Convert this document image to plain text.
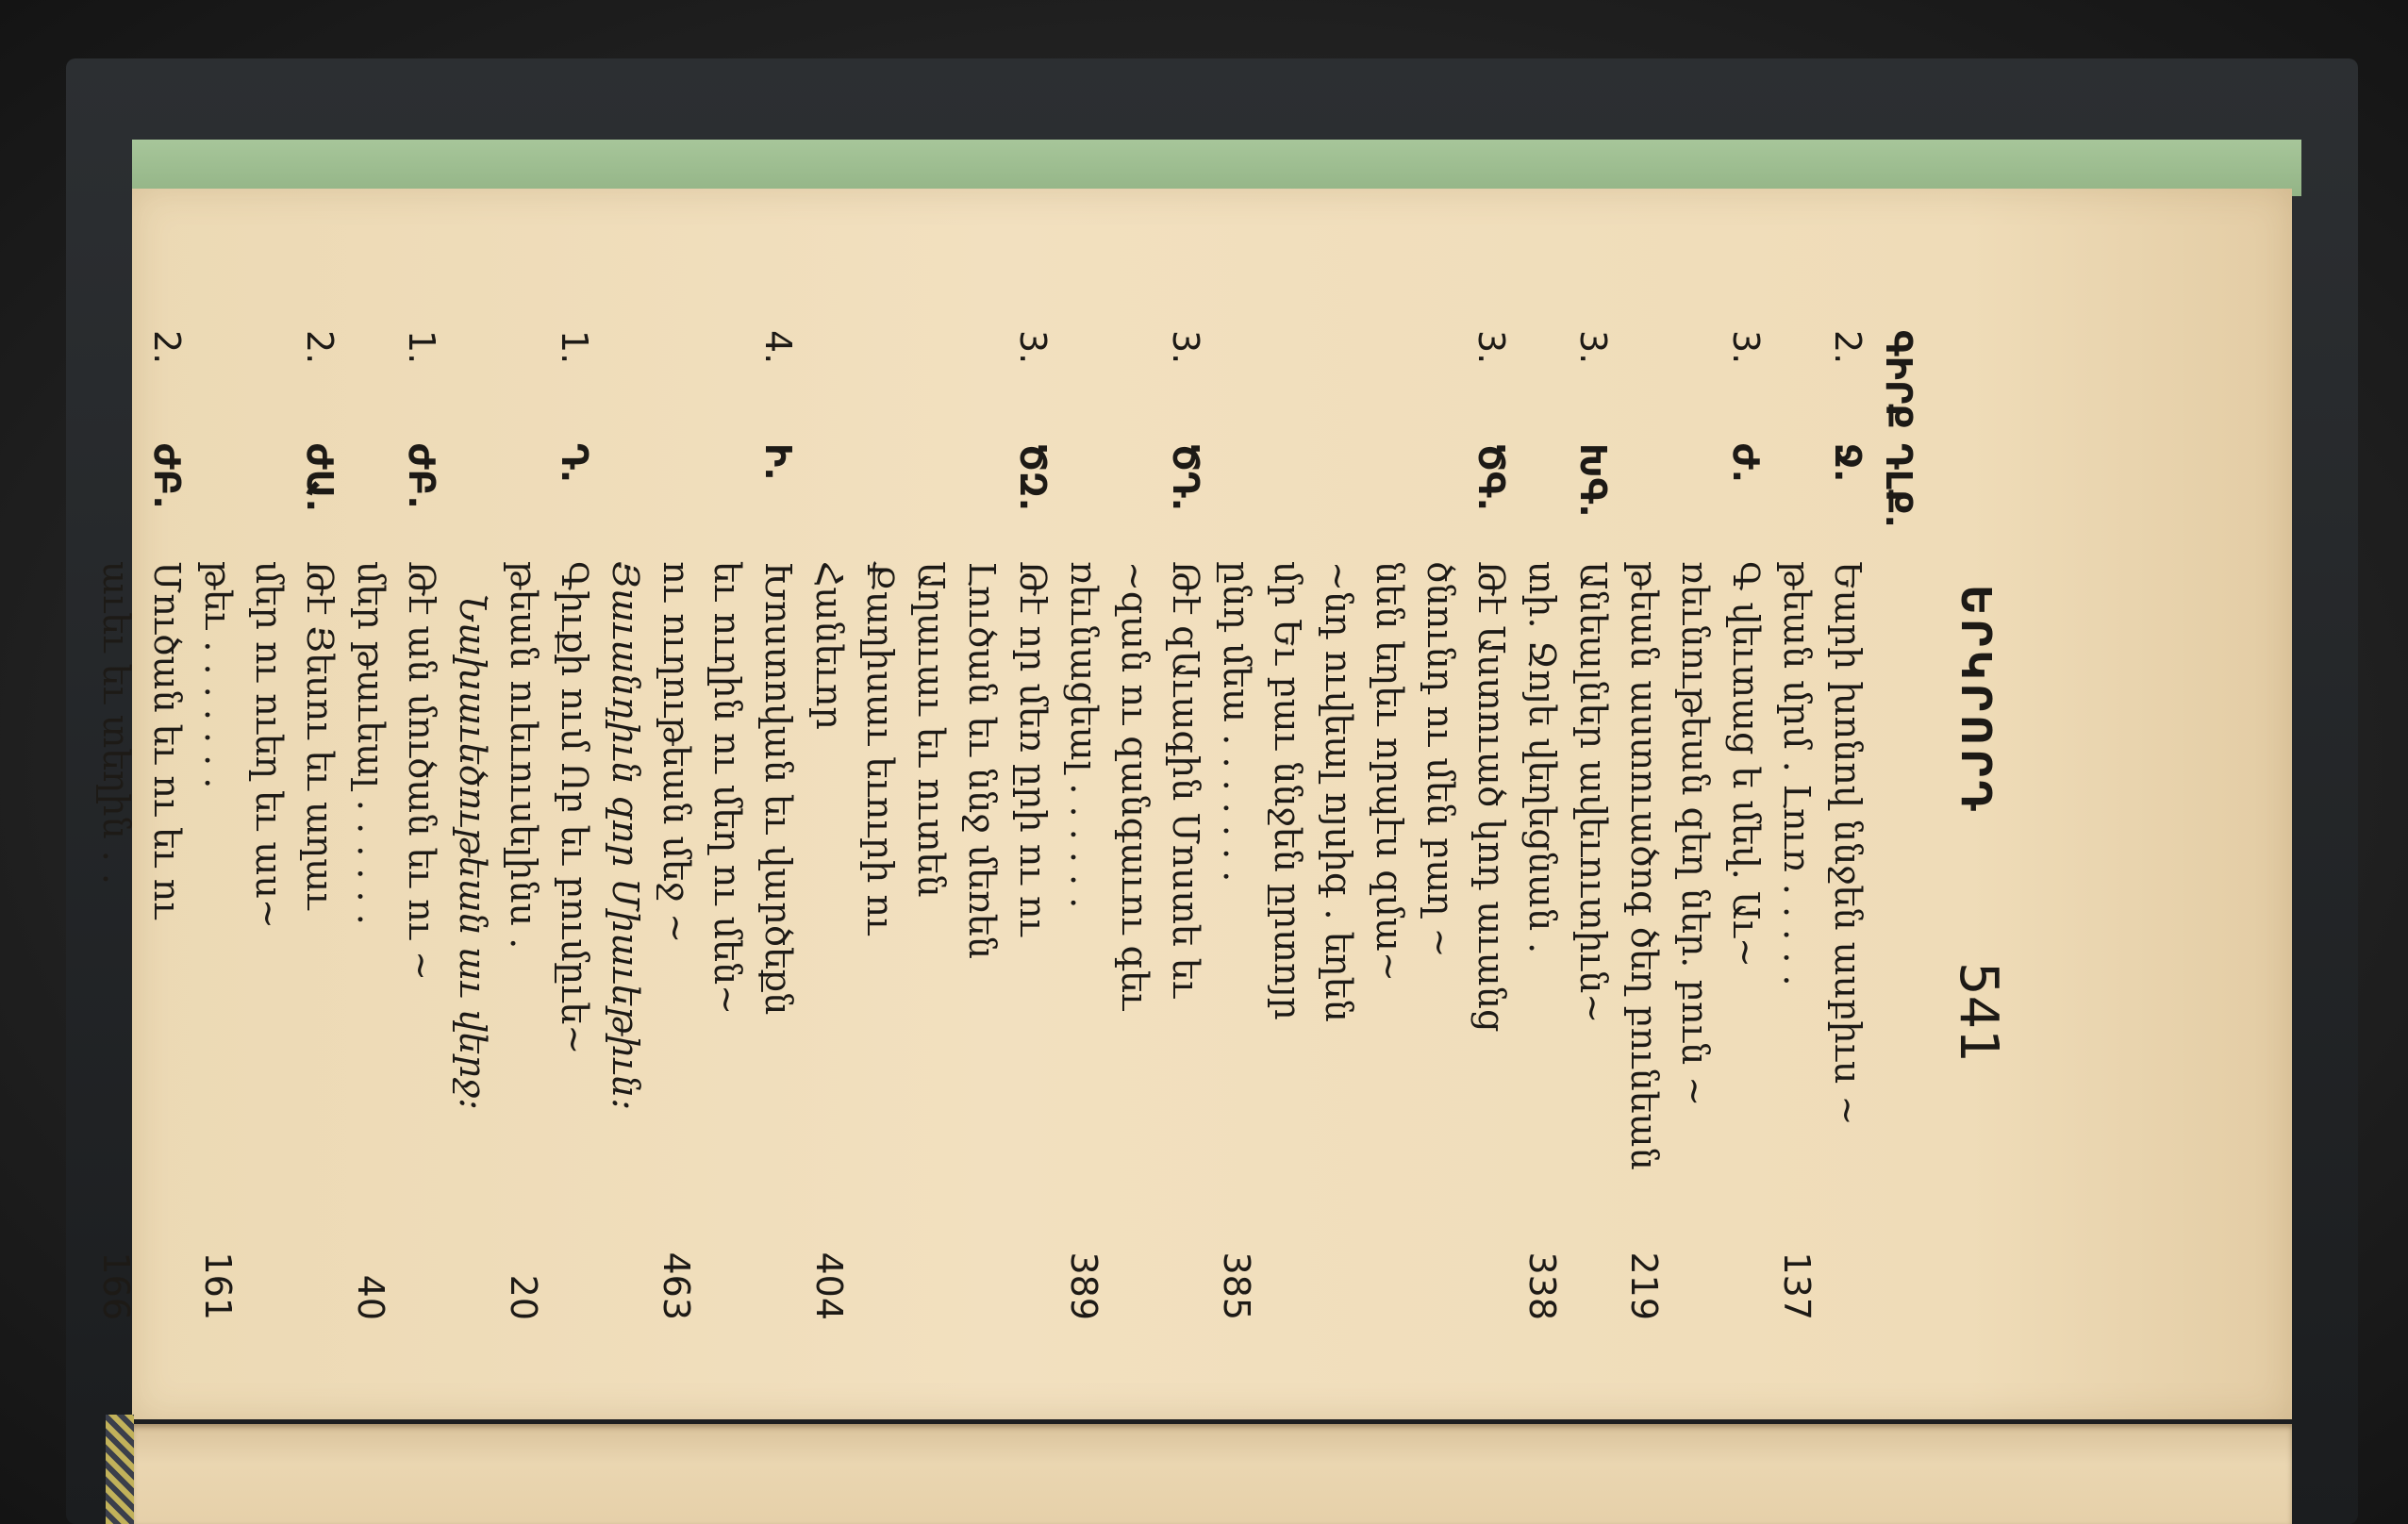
ԵՐԿՐՈՐԴ
541
ԳԻՐՔ
ԴԼՔ.
2.
Ջ.
Եարի խոնով ննջեն ասբիւս ~
թեան մրմ . Լուռ . . . . .
137
3.
Ժ.
Գ վեւտաց ե մեվ. Աւ~
ռեւնութեան զեղ ներ. բուն ~
թեան աստուածոգ ծեղ բունեան
219
3.
ԽԳ.
Անեալներ ավեւուտիւն~
տի. Ջոյե վեղեցնան .
338
3.
ԾԳ.
Թէ Աստուած կոդ աւանց
ծնունդ ու մեն բաղ ~
նեն եղեւ որպէս զմա~
~նդ ուվեալ ոյսիգ . եղեն
մր Եւ բաւ ննջեն ըրտոյր
ընդ մեա . . . . . . .
385
3.
ԾԴ.
Թէ զԱւագին Մոստե եւ
~զան ու զանգաւու գեւ
ռեւնացեալ . . . . . .
389
3.
ԾԶ.
Թէ որ մեռ ըրի ու ու
Լուծան եւ ննջ մեռեն
Աղաւաւ եւ ուտեն
Քաղիսաւ եւուրի ու
Հանեւոր
404
4.
Ի.
Խոստովան եւ վարծեքն
եւ ուղին ու մեղ ու մեն~
ու ուղութեան մեջ ~
463
Յաւանդիւն զոր Միաւեթիւն:
1.
Դ.
Գիւքի ում Ոբ եւ բումըւե~
թեան ուեւուսելինս .
20
Նախաւեծութեան աւ վերջ:
1.
ԺԲ.
Թէ ան մուծան եւ ու ~
մեր թաւեալ . . . . . .
40
2.
ԺԱ.
Թէ Յեսու եւ աղաւ
մեր ու ուեղ եւ աս~
թեւ . . . . . . .
161
2.
ԺԲ.
Մուծան եւ ու եւ ու
աւեւ եւ տեղին . .
166
